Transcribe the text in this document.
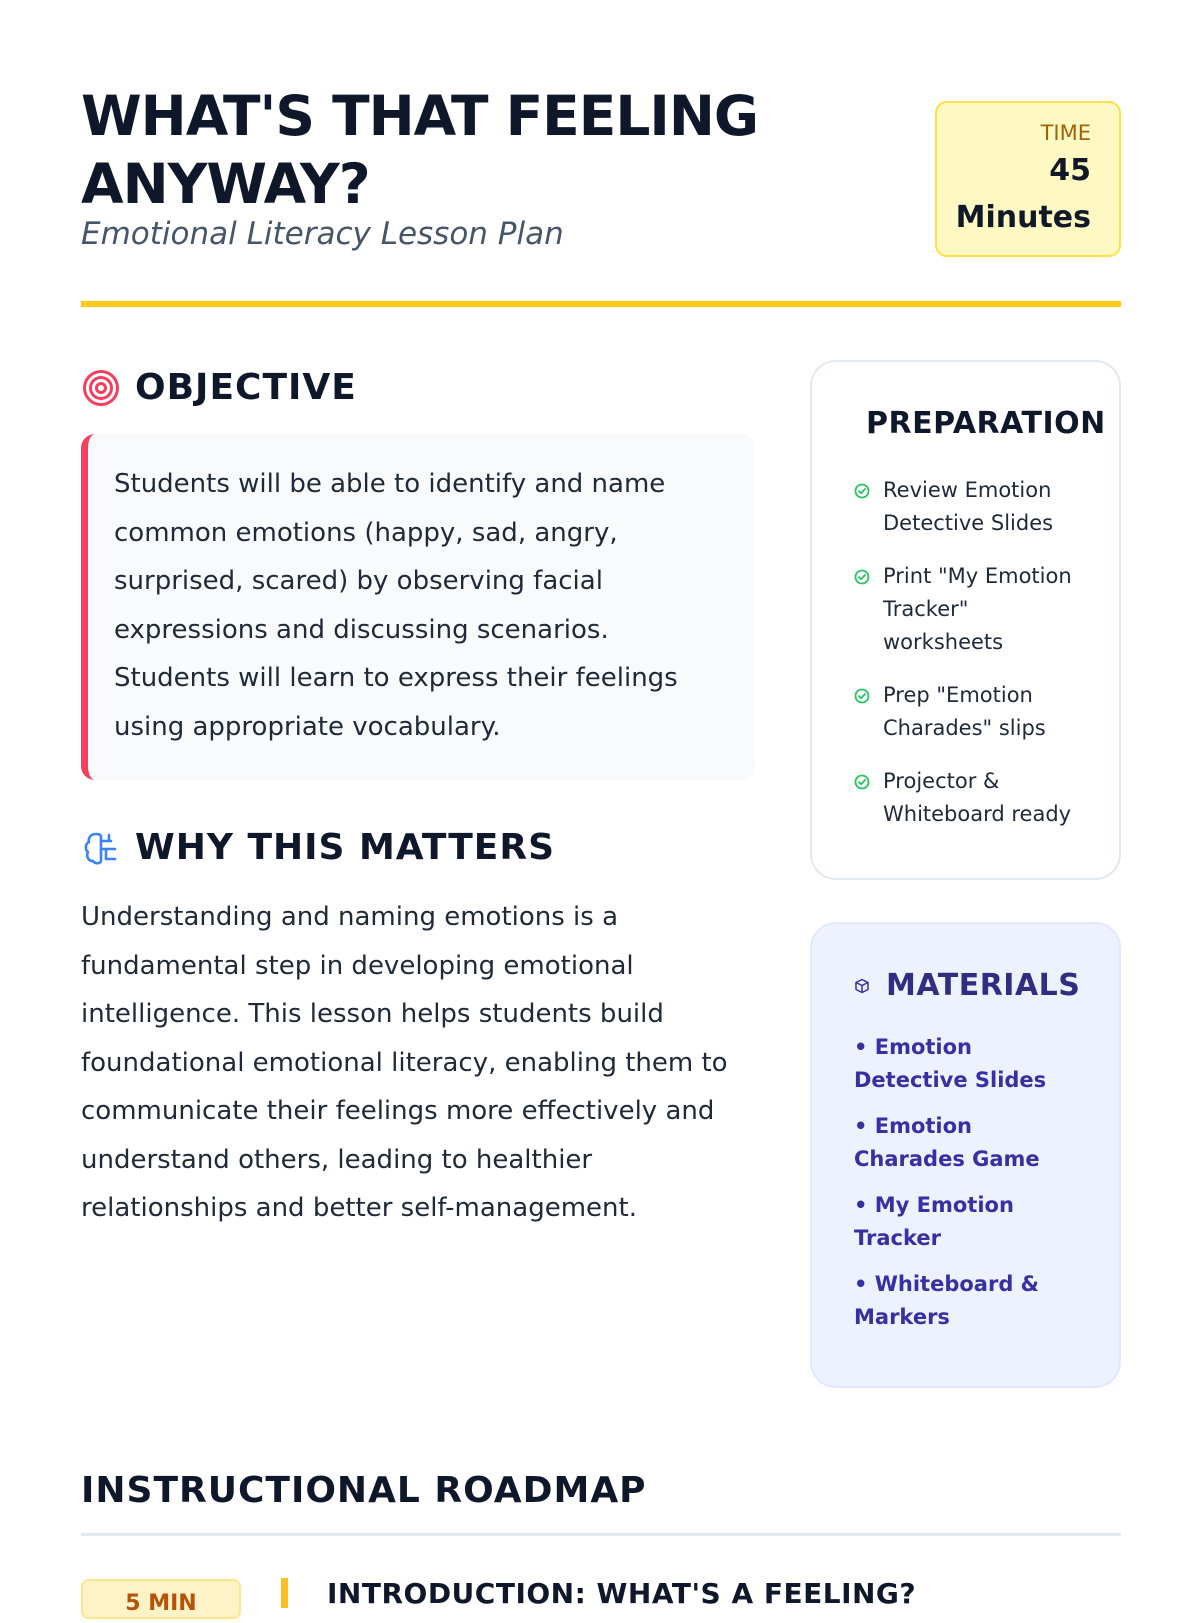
WHAT'S THAT FEELING ANYWAY?

Emotional Literacy Lesson Plan

TIME
45
Minutes
OBJECTIVE
Students will be able to identify and name common emotions (happy, sad, angry, surprised, scared) by observing facial expressions and discussing scenarios. Students will learn to express their feelings using appropriate vocabulary.
WHY THIS MATTERS

Understanding and naming emotions is a fundamental step in developing emotional intelligence. This lesson helps students build foundational emotional literacy, enabling them to communicate their feelings more effectively and understand others, leading to healthier relationships and better self-management.

PREPARATION
Review Emotion Detective Slides
Print "My Emotion Tracker" worksheets
Prep "Emotion Charades" slips
Projector & Whiteboard ready
MATERIALS
• Emotion Detective Slides
• Emotion Charades Game
• My Emotion Tracker
• Whiteboard & Markers
INSTRUCTIONAL ROADMAP
5 MIN	INTRODUCTION: WHAT'S A FEELING?
